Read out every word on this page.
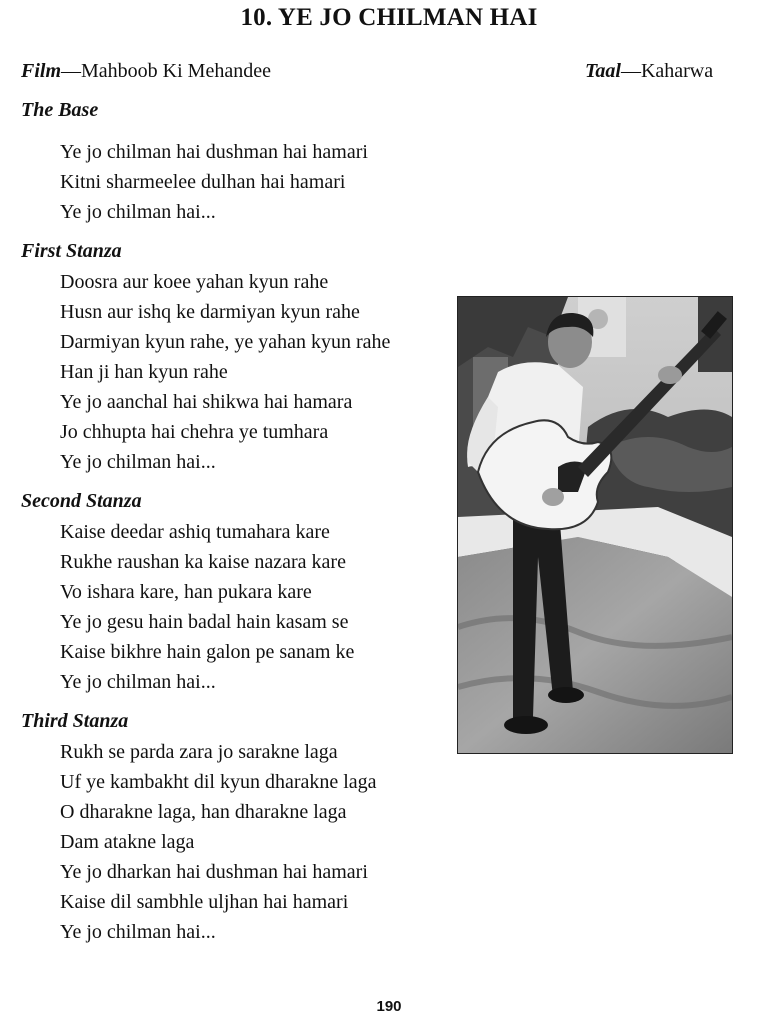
10. YE JO CHILMAN HAI
Film—Mahboob Ki Mehandee	Taal—Kaharwa
The Base
Ye jo chilman hai dushman hai hamari
Kitni sharmeelee dulhan hai hamari
Ye jo chilman hai...
First Stanza
Doosra aur koee yahan kyun rahe
Husn aur ishq ke darmiyan kyun rahe
Darmiyan kyun rahe, ye yahan kyun rahe
Han ji han kyun rahe
Ye jo aanchal hai shikwa hai hamara
Jo chhupta hai chehra ye tumhara
Ye jo chilman hai...
Second Stanza
Kaise deedar ashiq tumahara kare
Rukhe raushan ka kaise nazara kare
Vo ishara kare, han pukara kare
Ye jo gesu hain badal hain kasam se
Kaise bikhre hain galon pe sanam ke
Ye jo chilman hai...
Third Stanza
Rukh se parda zara jo sarakne laga
Uf ye kambakht dil kyun dharakne laga
O dharakne laga, han dharakne laga
Dam atakne laga
Ye jo dharkan hai dushman hai hamari
Kaise dil sambhle uljhan hai hamari
Ye jo chilman hai...
190
